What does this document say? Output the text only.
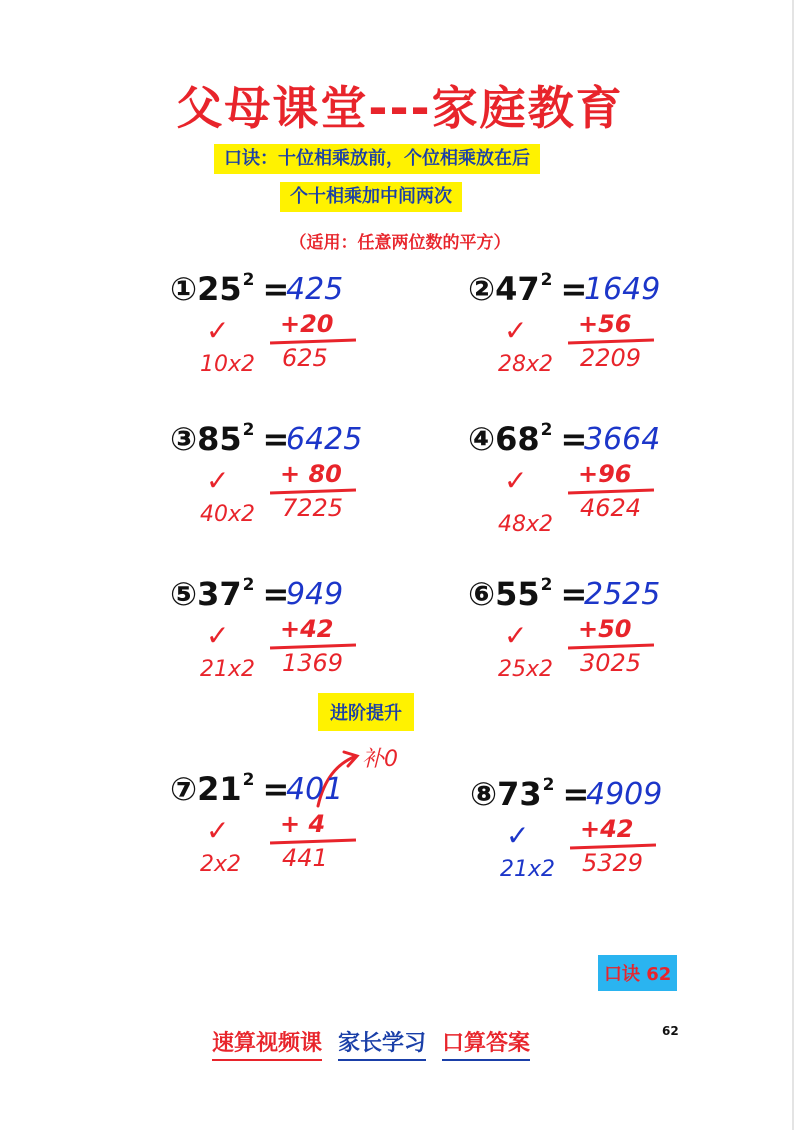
父母课堂---家庭教育
口诀：十位相乘放前，个位相乘放在后
个十相乘加中间两次
（适用：任意两位数的平方）
$①25^2$ =
425
✓ +20
625
10x2
$②47^2$ =
1649
✓ +56
2209
28x2
$③85^2$ =
6425
✓ + 80
7225
40x2
$④68^2$ =
3664
✓ +96
4624
48x2
$⑤37^2$ =
949
✓ +42
1369
21x2
$⑥55^2$ =
2525
✓ +50
3025
25x2
进阶提升
补0
$⑦21^2$ =
401
✓ + 4
441
2x2
$⑧73^2$ =
4909
✓ +42
5329
21x2
口诀 62
速算视频课 家长学习 口算答案	62
